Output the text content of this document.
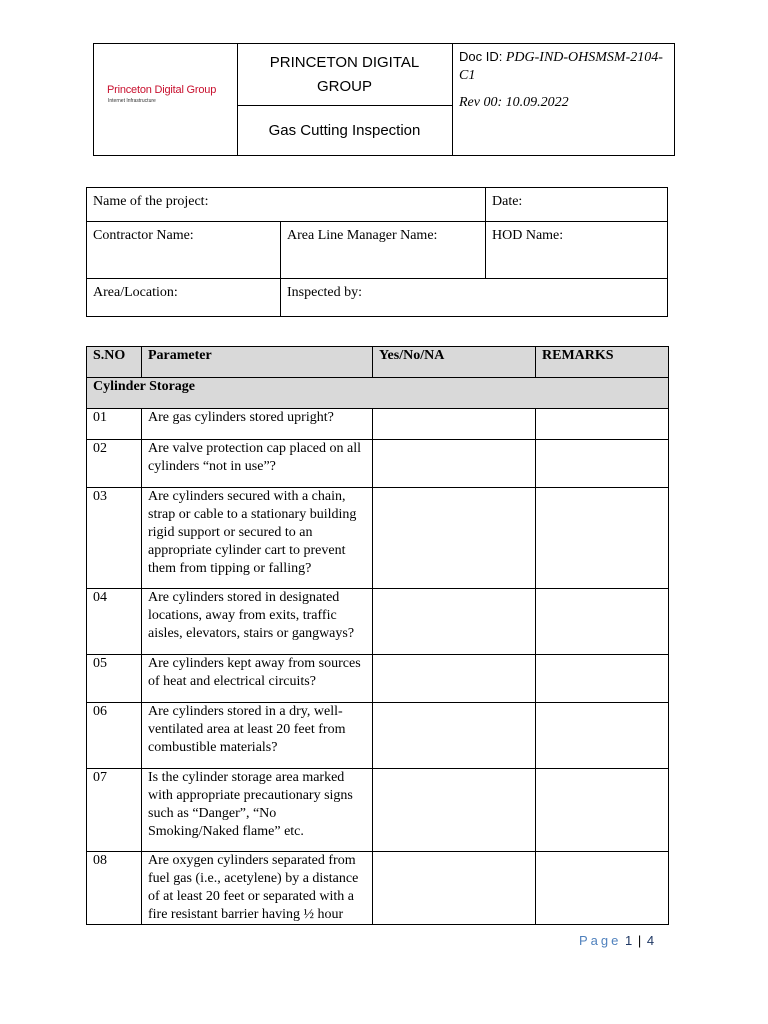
Princeton Digital Group
Internet Infrastructure
PRINCETON DIGITAL GROUP
Gas Cutting Inspection
Doc ID: PDG-IND-OHSMSM-2104-C1
Rev 00: 10.09.2022
Name of the project:		Date:
Contractor Name:	Area Line Manager Name:	HOD Name:
Area/Location:	Inspected by:	
S.NO	Parameter	Yes/No/NA	REMARKS
Cylinder Storage			
01	Are gas cylinders stored upright?		
02	Are valve protection cap placed on all cylinders “not in use”?		
03	Are cylinders secured with a chain, strap or cable to a stationary building rigid support or secured to an appropriate cylinder cart to prevent them from tipping or falling?		
04	Are cylinders stored in designated locations, away from exits, traffic aisles, elevators, stairs or gangways?		
05	Are cylinders kept away from sources of heat and electrical circuits?		
06	Are cylinders stored in a dry, well-ventilated area at least 20 feet from combustible materials?		
07	Is the cylinder storage area marked with appropriate precautionary signs such as “Danger”, “No Smoking/Naked flame” etc.		
08	Are oxygen cylinders separated from fuel gas (i.e., acetylene) by a distance of at least 20 feet or separated with a fire resistant barrier having ½ hour		
Page 1 | 4
